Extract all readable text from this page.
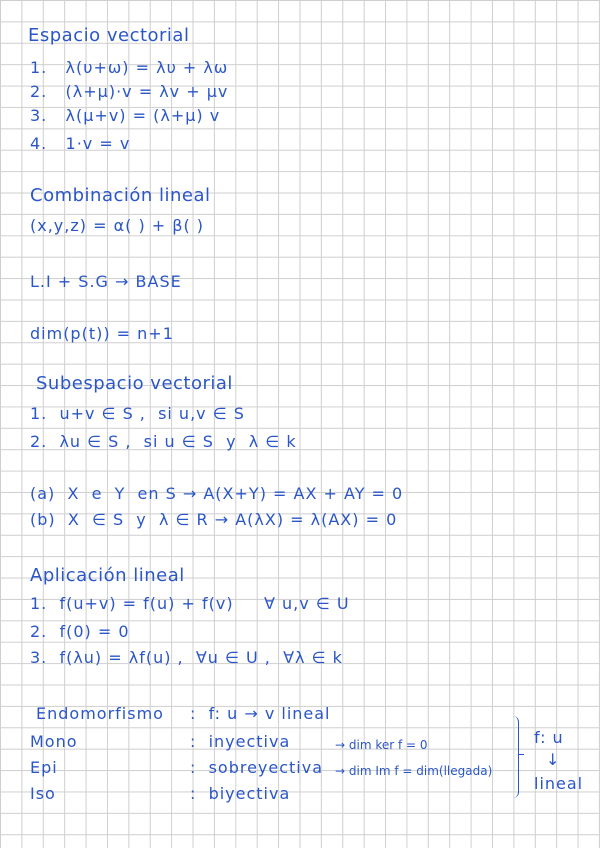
Espacio vectorial
1.   λ(υ+ω) = λυ + λω
2.   (λ+μ)·v = λv + μv
3.   λ(μ+v) = (λ+μ) v
4.   1·v = v
Combinación lineal
(x,y,z) = α( ) + β( )
L.I + S.G → BASE
dim(p(t)) = n+1
Subespacio vectorial
1.  u+v ∈ S ,  si u,v ∈ S
2.  λu ∈ S ,  si u ∈ S  y  λ ∈ k
(a)  X  e  Y  en S → A(X+Y) = AX + AY = 0
(b)  X  ∈ S  y  λ ∈ R → A(λX) = λ(AX) = 0
Aplicación lineal
1.  f(u+v) = f(u) + f(v)     ∀ u,v ∈ U
2.  f(0) = 0
3.  f(λu) = λf(u) ,  ∀u ∈ U ,  ∀λ ∈ k
Endomorfismo :  f: u → v lineal
Mono	:  inyectiva	→ dim ker f = 0
Epi	:  sobreyectiva → dim Im f = dim(llegada)
Iso	:  biyectiva
f: u
↓
lineal
